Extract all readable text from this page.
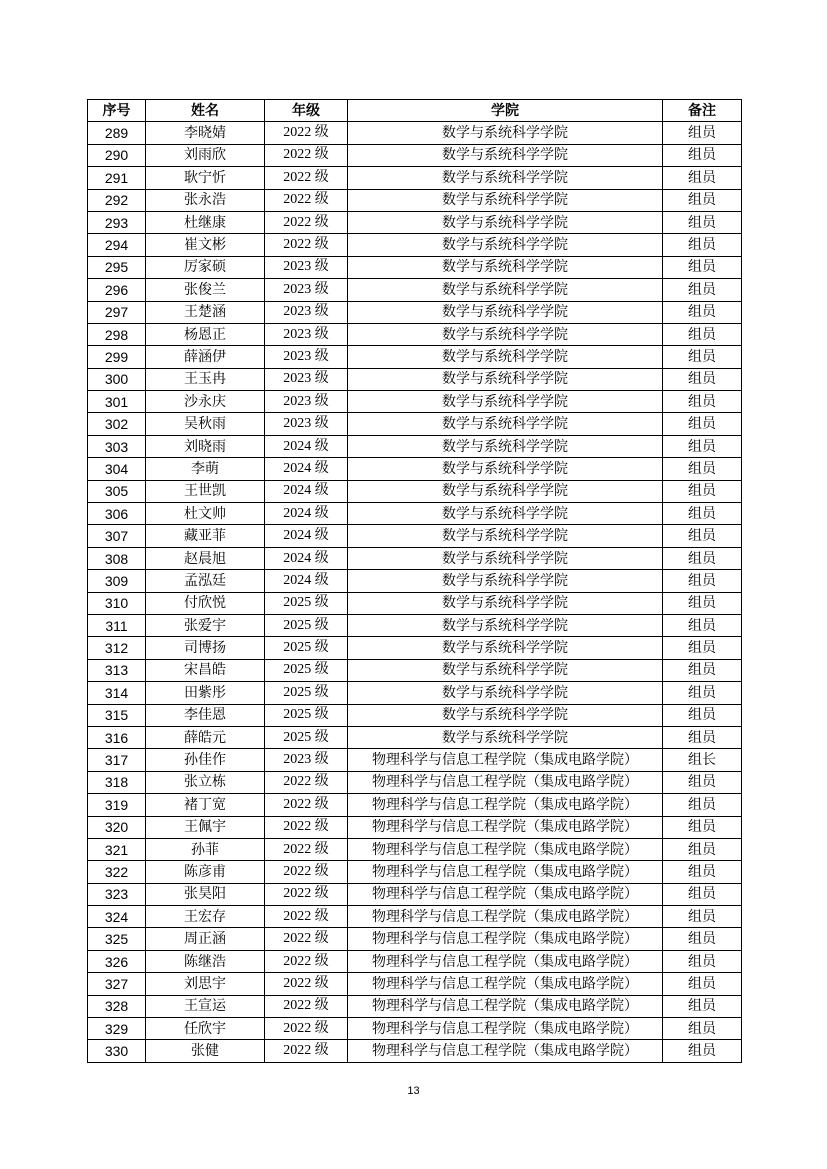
序号	姓名	年级	学院	备注
289	李晓婧	2022 级	数学与系统科学学院	组员
290	刘雨欣	2022 级	数学与系统科学学院	组员
291	耿宁忻	2022 级	数学与系统科学学院	组员
292	张永浩	2022 级	数学与系统科学学院	组员
293	杜继康	2022 级	数学与系统科学学院	组员
294	崔文彬	2022 级	数学与系统科学学院	组员
295	厉家硕	2023 级	数学与系统科学学院	组员
296	张俊兰	2023 级	数学与系统科学学院	组员
297	王楚涵	2023 级	数学与系统科学学院	组员
298	杨恩正	2023 级	数学与系统科学学院	组员
299	薛涵伊	2023 级	数学与系统科学学院	组员
300	王玉冉	2023 级	数学与系统科学学院	组员
301	沙永庆	2023 级	数学与系统科学学院	组员
302	吴秋雨	2023 级	数学与系统科学学院	组员
303	刘晓雨	2024 级	数学与系统科学学院	组员
304	李萌	2024 级	数学与系统科学学院	组员
305	王世凯	2024 级	数学与系统科学学院	组员
306	杜文帅	2024 级	数学与系统科学学院	组员
307	藏亚菲	2024 级	数学与系统科学学院	组员
308	赵晨旭	2024 级	数学与系统科学学院	组员
309	孟泓廷	2024 级	数学与系统科学学院	组员
310	付欣悦	2025 级	数学与系统科学学院	组员
311	张爱宇	2025 级	数学与系统科学学院	组员
312	司博扬	2025 级	数学与系统科学学院	组员
313	宋昌皓	2025 级	数学与系统科学学院	组员
314	田紫彤	2025 级	数学与系统科学学院	组员
315	李佳恩	2025 级	数学与系统科学学院	组员
316	薛皓元	2025 级	数学与系统科学学院	组员
317	孙佳作	2023 级	物理科学与信息工程学院（集成电路学院）	组长
318	张立栋	2022 级	物理科学与信息工程学院（集成电路学院）	组员
319	褚丁宽	2022 级	物理科学与信息工程学院（集成电路学院）	组员
320	王佩宇	2022 级	物理科学与信息工程学院（集成电路学院）	组员
321	孙菲	2022 级	物理科学与信息工程学院（集成电路学院）	组员
322	陈彦甫	2022 级	物理科学与信息工程学院（集成电路学院）	组员
323	张昊阳	2022 级	物理科学与信息工程学院（集成电路学院）	组员
324	王宏存	2022 级	物理科学与信息工程学院（集成电路学院）	组员
325	周正涵	2022 级	物理科学与信息工程学院（集成电路学院）	组员
326	陈继浩	2022 级	物理科学与信息工程学院（集成电路学院）	组员
327	刘思宇	2022 级	物理科学与信息工程学院（集成电路学院）	组员
328	王宣运	2022 级	物理科学与信息工程学院（集成电路学院）	组员
329	任欣宇	2022 级	物理科学与信息工程学院（集成电路学院）	组员
330	张健	2022 级	物理科学与信息工程学院（集成电路学院）	组员
13
